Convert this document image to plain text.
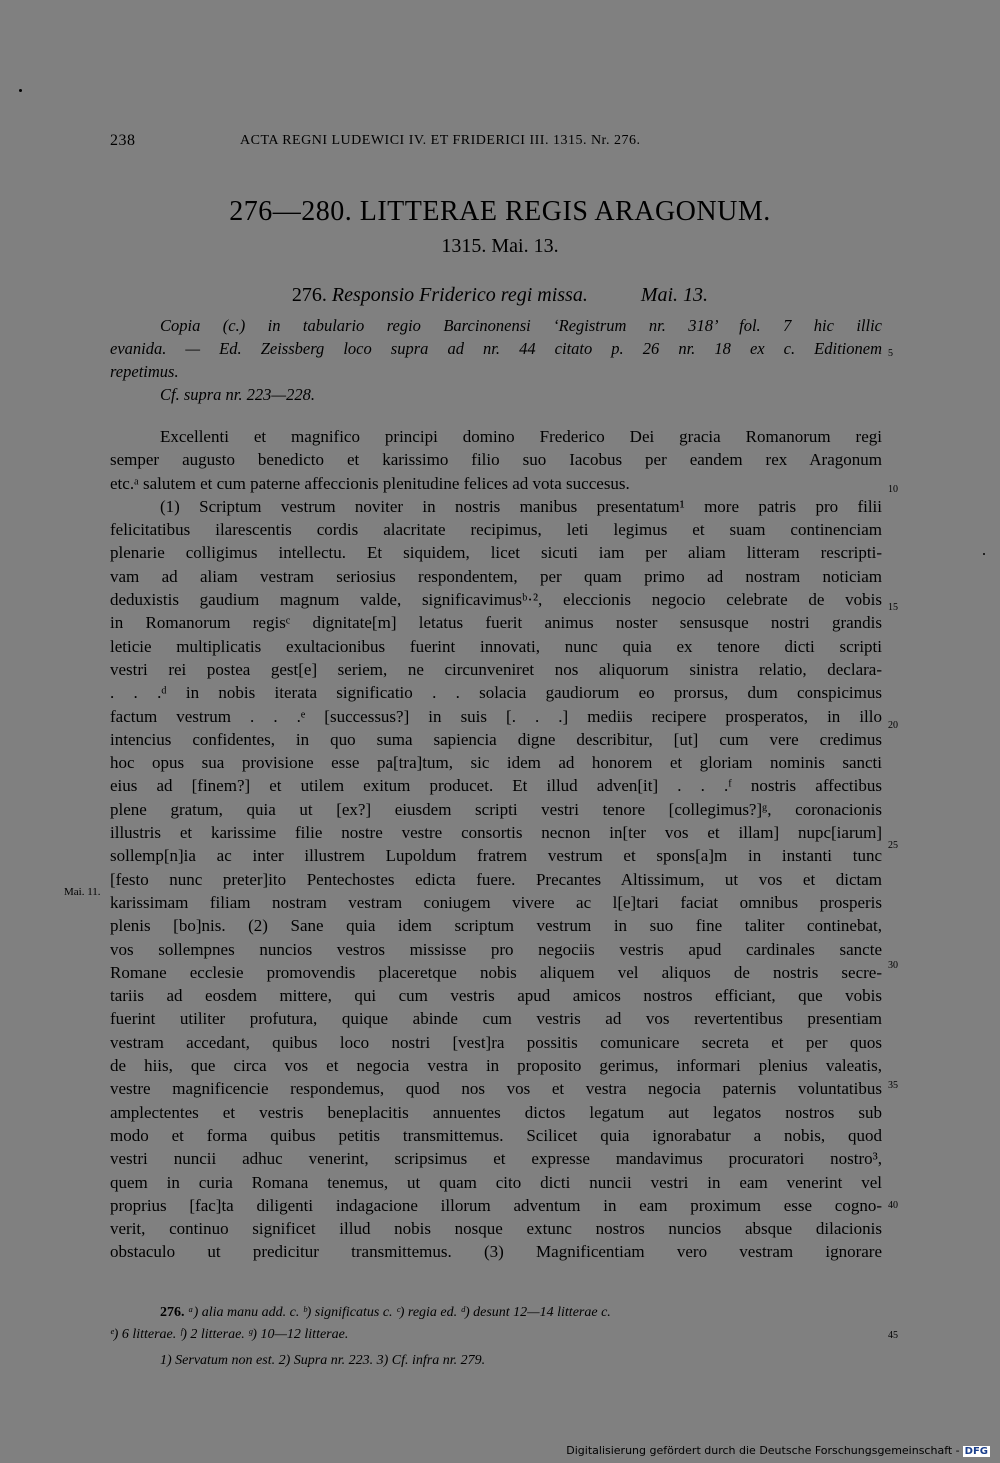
238	ACTA REGNI LUDEWICI IV. ET FRIDERICI III. 1315. Nr. 276.
276—280. LITTERAE REGIS ARAGONUM.
1315. Mai. 13.
276. Responsio Friderico regi missa.	Mai. 13.
Copia (c.) in tabulario regio Barcinonensi ‘Registrum nr. 318’ fol. 7 hic illic
evanida. — Ed. Zeissberg loco supra ad nr. 44 citato p. 26 nr. 18 ex c. Editionem
repetimus.
Cf. supra nr. 223—228.
Excellenti et magnifico principi domino Frederico Dei gracia Romanorum regi
semper augusto benedicto et karissimo filio suo Iacobus per eandem rex Aragonum
etc.ᵃ salutem et cum paterne affeccionis plenitudine felices ad vota succesus.
(1) Scriptum vestrum noviter in nostris manibus presentatum¹ more patris pro filii
felicitatibus ilarescentis cordis alacritate recipimus, leti legimus et suam continenciam
plenarie colligimus intellectu. Et siquidem, licet sicuti iam per aliam litteram rescripti-
vam ad aliam vestram seriosius respondentem, per quam primo ad nostram noticiam
deduxistis gaudium magnum valde, significavimusᵇ·², eleccionis negocio celebrate de vobis
in Romanorum regisᶜ dignitate[m] letatus fuerit animus noster sensusque nostri grandis
leticie multiplicatis exultacionibus fuerint innovati, nunc quia ex tenore dicti scripti
vestri rei postea gest[e] seriem, ne circunveniret nos aliquorum sinistra relatio, declara-
. . .ᵈ in nobis iterata significatio . . solacia gaudiorum eo prorsus, dum conspicimus
factum vestrum . . .ᵉ [successus?] in suis [. . .] mediis recipere prosperatos, in illo
intencius confidentes, in quo suma sapiencia digne describitur, [ut] cum vere credimus
hoc opus sua provisione esse pa[tra]tum, sic idem ad honorem et gloriam nominis sancti
eius ad [finem?] et utilem exitum producet. Et illud adven[it] . . .ᶠ nostris affectibus
plene gratum, quia ut [ex?] eiusdem scripti vestri tenore [collegimus?]ᵍ, coronacionis
illustris et karissime filie nostre vestre consortis necnon in[ter vos et illam] nupc[iarum]
sollemp[n]ia ac inter illustrem Lupoldum fratrem vestrum et spons[a]m in instanti tunc
[festo nunc preter]ito Pentechostes edicta fuere. Precantes Altissimum, ut vos et dictam
karissimam filiam nostram vestram coniugem vivere ac l[e]tari faciat omnibus prosperis
plenis [bo]nis. (2) Sane quia idem scriptum vestrum in suo fine taliter continebat,
vos sollempnes nuncios vestros mississe pro negociis vestris apud cardinales sancte
Romane ecclesie promovendis placeretque nobis aliquem vel aliquos de nostris secre-
tariis ad eosdem mittere, qui cum vestris apud amicos nostros efficiant, que vobis
fuerint utiliter profutura, quique abinde cum vestris ad vos revertentibus presentiam
vestram accedant, quibus loco nostri [vest]ra possitis comunicare secreta et per quos
de hiis, que circa vos et negocia vestra in proposito gerimus, informari plenius valeatis,
vestre magnificencie respondemus, quod nos vos et vestra negocia paternis voluntatibus
amplectentes et vestris beneplacitis annuentes dictos legatum aut legatos nostros sub
modo et forma quibus petitis transmittemus. Scilicet quia ignorabatur a nobis, quod
vestri nuncii adhuc venerint, scripsimus et expresse mandavimus procuratori nostro³,
quem in curia Romana tenemus, ut quam cito dicti nuncii vestri in eam venerint vel
proprius [fac]ta diligenti indagacione illorum adventum in eam proximum esse cogno-
verit, continuo significet illud nobis nosque extunc nostros nuncios absque dilacionis
obstaculo ut predicitur transmittemus. (3) Magnificentiam vero vestram ignorare
5
10
15
20
25
30
35
40
45
Mai. 11.
276. ᵃ) alia manu add. c. ᵇ) significatus c. ᶜ) regia ed. ᵈ) desunt 12—14 litterae c.
ᵉ) 6 litterae. ᶠ) 2 litterae. ᵍ) 10—12 litterae.
1) Servatum non est. 2) Supra nr. 223. 3) Cf. infra nr. 279.
Digitalisierung gefördert durch die Deutsche Forschungsgemeinschaft - DFG
